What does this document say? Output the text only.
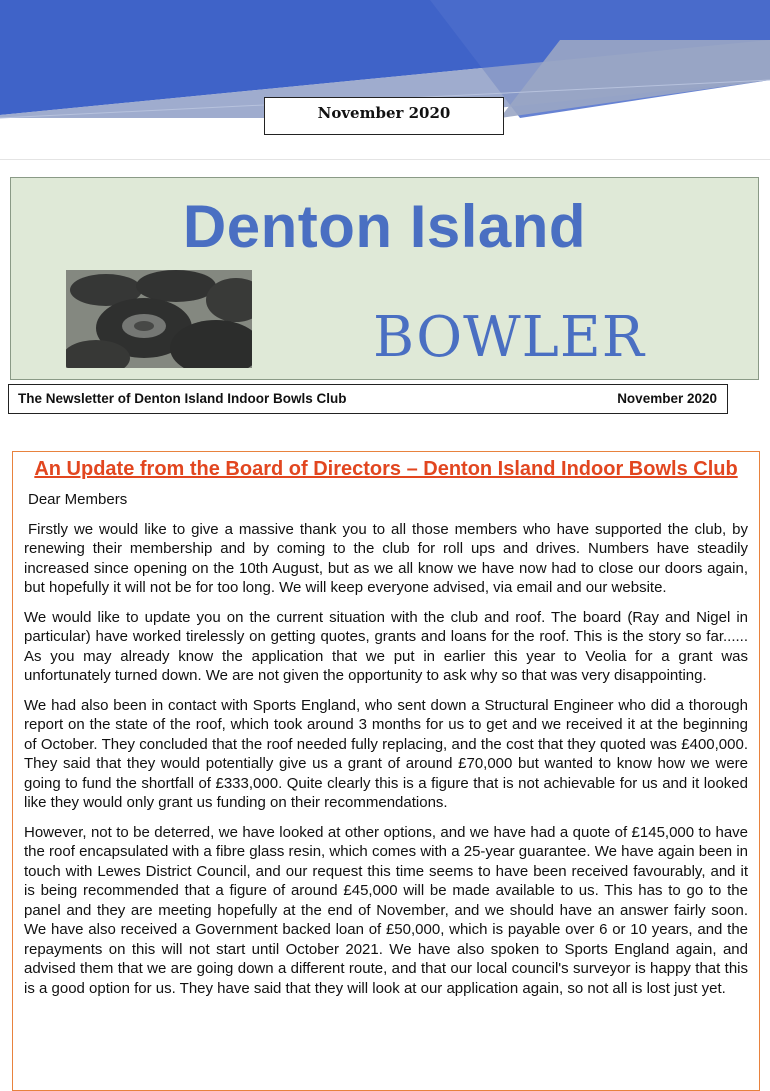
November 2020
Denton Island
BOWLER
The Newsletter of Denton Island Indoor Bowls Club	November 2020
An Update from the Board of Directors – Denton Island Indoor Bowls Club

Dear Members

Firstly we would like to give a massive thank you to all those members who have supported the club, by renewing their membership and by coming to the club for roll ups and drives. Numbers have steadily increased since opening on the 10th August, but as we all know we have now had to close our doors again, but hopefully it will not be for too long. We will keep everyone advised, via email and our website.

We would like to update you on the current situation with the club and roof. The board (Ray and Nigel in particular) have worked tirelessly on getting quotes, grants and loans for the roof. This is the story so far...... As you may already know the application that we put in earlier this year to Veolia for a grant was unfortunately turned down. We are not given the opportunity to ask why so that was very disappointing.

We had also been in contact with Sports England, who sent down a Structural Engineer who did a thorough report on the state of the roof, which took around 3 months for us to get and we received it at the beginning of October. They concluded that the roof needed fully replacing, and the cost that they quoted was £400,000. They said that they would potentially give us a grant of around £70,000 but wanted to know how we were going to fund the shortfall of £333,000. Quite clearly this is a figure that is not achievable for us and it looked like they would only grant us funding on their recommendations.

However, not to be deterred, we have looked at other options, and we have had a quote of £145,000 to have the roof encapsulated with a fibre glass resin, which comes with a 25-year guarantee. We have again been in touch with Lewes District Council, and our request this time seems to have been received favourably, and it is being recommended that a figure of around £45,000 will be made available to us. This has to go to the panel and they are meeting hopefully at the end of November, and we should have an answer fairly soon. We have also received a Government backed loan of £50,000, which is payable over 6 or 10 years, and the repayments on this will not start until October 2021. We have also spoken to Sports England again, and advised them that we are going down a different route, and that our local council's surveyor is happy that this is a good option for us. They have said that they will look at our application again, so not all is lost just yet.
